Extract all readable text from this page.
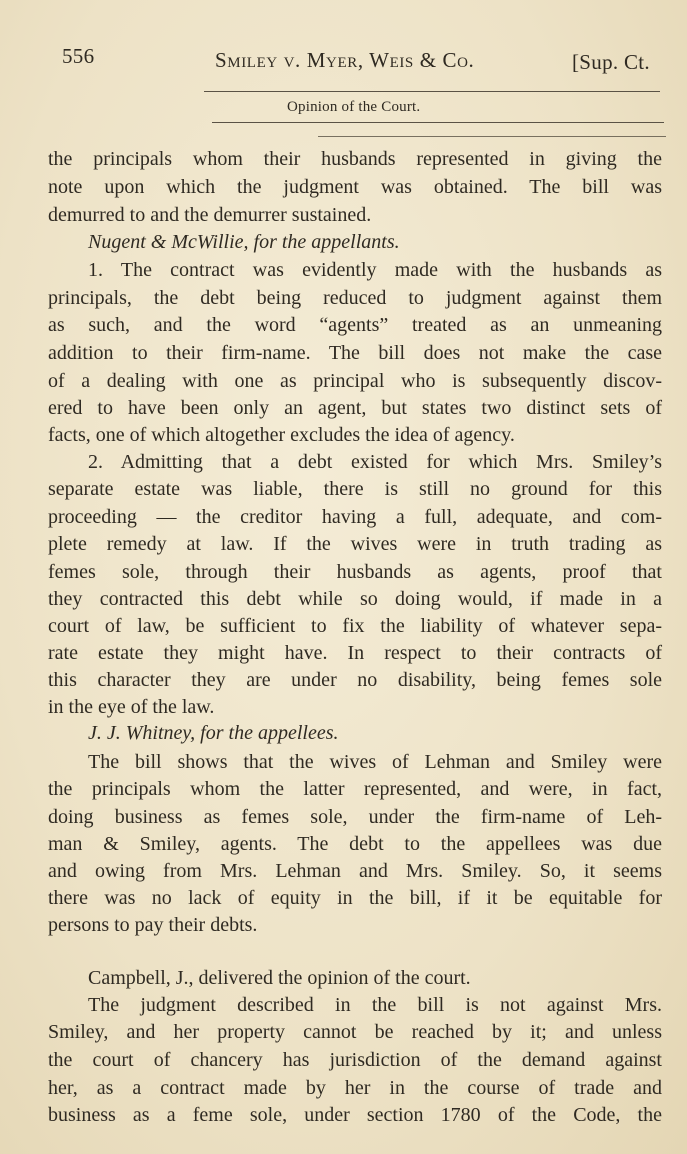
556	Smiley v. Myer, Weis & Co.	[Sup. Ct.
Opinion of the Court.
the principals whom their husbands represented in giving the
note upon which the judgment was obtained. The bill was
demurred to and the demurrer sustained.
Nugent & McWillie, for the appellants.
1. The contract was evidently made with the husbands as
principals, the debt being reduced to judgment against them
as such, and the word “agents” treated as an unmeaning
addition to their firm-name. The bill does not make the case
of a dealing with one as principal who is subsequently discov-
ered to have been only an agent, but states two distinct sets of
facts, one of which altogether excludes the idea of agency.
2. Admitting that a debt existed for which Mrs. Smiley’s
separate estate was liable, there is still no ground for this
proceeding — the creditor having a full, adequate, and com-
plete remedy at law. If the wives were in truth trading as
femes sole, through their husbands as agents, proof that
they contracted this debt while so doing would, if made in a
court of law, be sufficient to fix the liability of whatever sepa-
rate estate they might have. In respect to their contracts of
this character they are under no disability, being femes sole
in the eye of the law.
J. J. Whitney, for the appellees.
The bill shows that the wives of Lehman and Smiley were
the principals whom the latter represented, and were, in fact,
doing business as femes sole, under the firm-name of Leh-
man & Smiley, agents. The debt to the appellees was due
and owing from Mrs. Lehman and Mrs. Smiley. So, it seems
there was no lack of equity in the bill, if it be equitable for
persons to pay their debts.
Campbell, J., delivered the opinion of the court.
The judgment described in the bill is not against Mrs.
Smiley, and her property cannot be reached by it; and unless
the court of chancery has jurisdiction of the demand against
her, as a contract made by her in the course of trade and
business as a feme sole, under section 1780 of the Code, the
